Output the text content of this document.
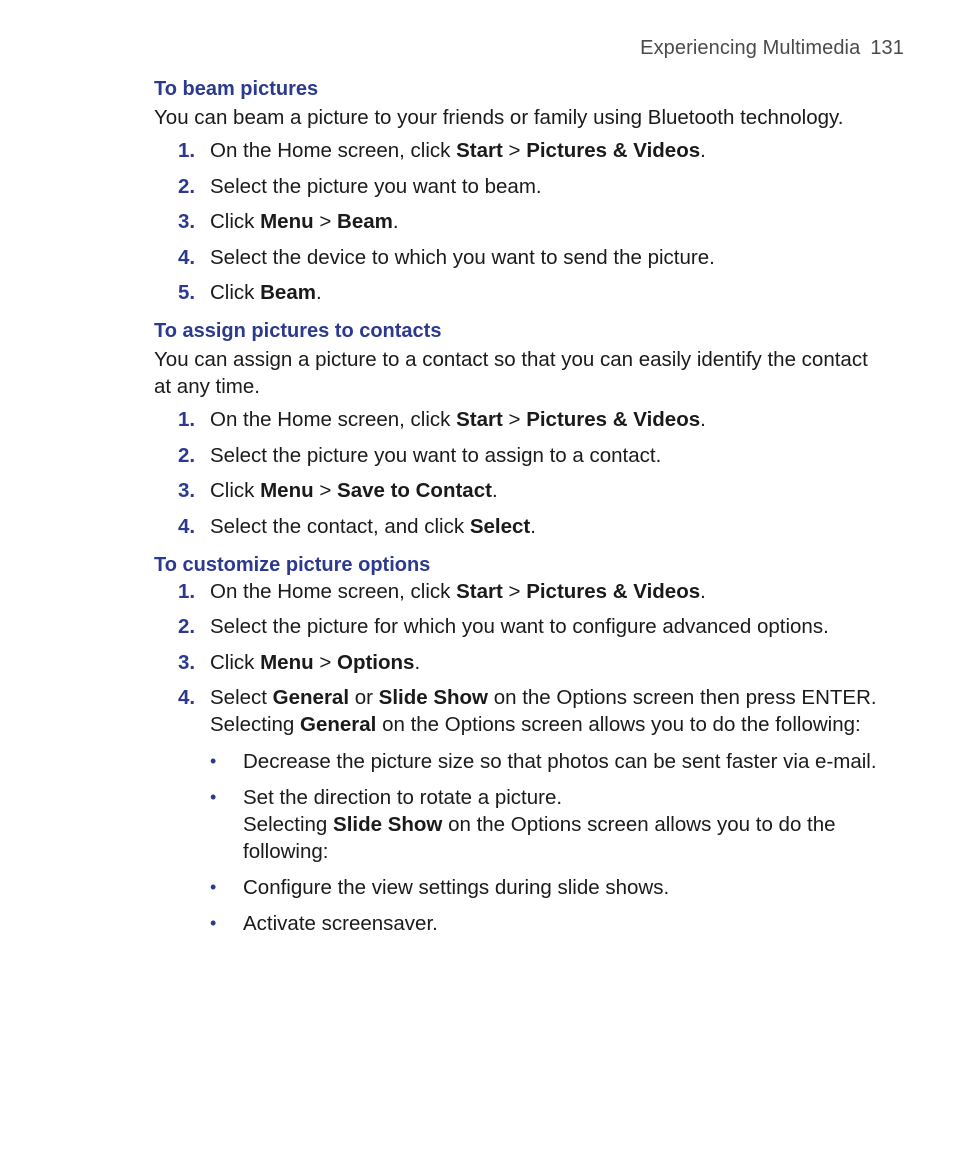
Experiencing Multimedia 131
To beam pictures

You can beam a picture to your friends or family using Bluetooth technology.

1. On the Home screen, click Start > Pictures & Videos.
2. Select the picture you want to beam.
3. Click Menu > Beam.
4. Select the device to which you want to send the picture.
5. Click Beam.
To assign pictures to contacts

You can assign a picture to a contact so that you can easily identify the contact at any time.

1. On the Home screen, click Start > Pictures & Videos.
2. Select the picture you want to assign to a contact.
3. Click Menu > Save to Contact.
4. Select the contact, and click Select.
To customize picture options
1. On the Home screen, click Start > Pictures & Videos.
2. Select the picture for which you want to configure advanced options.
3. Click Menu > Options.
4. Select General or Slide Show on the Options screen then press ENTER.
Selecting General on the Options screen allows you to do the following:
• Decrease the picture size so that photos can be sent faster via e-mail.
• Set the direction to rotate a picture.
Selecting Slide Show on the Options screen allows you to do the following:
• Configure the view settings during slide shows.
• Activate screensaver.
